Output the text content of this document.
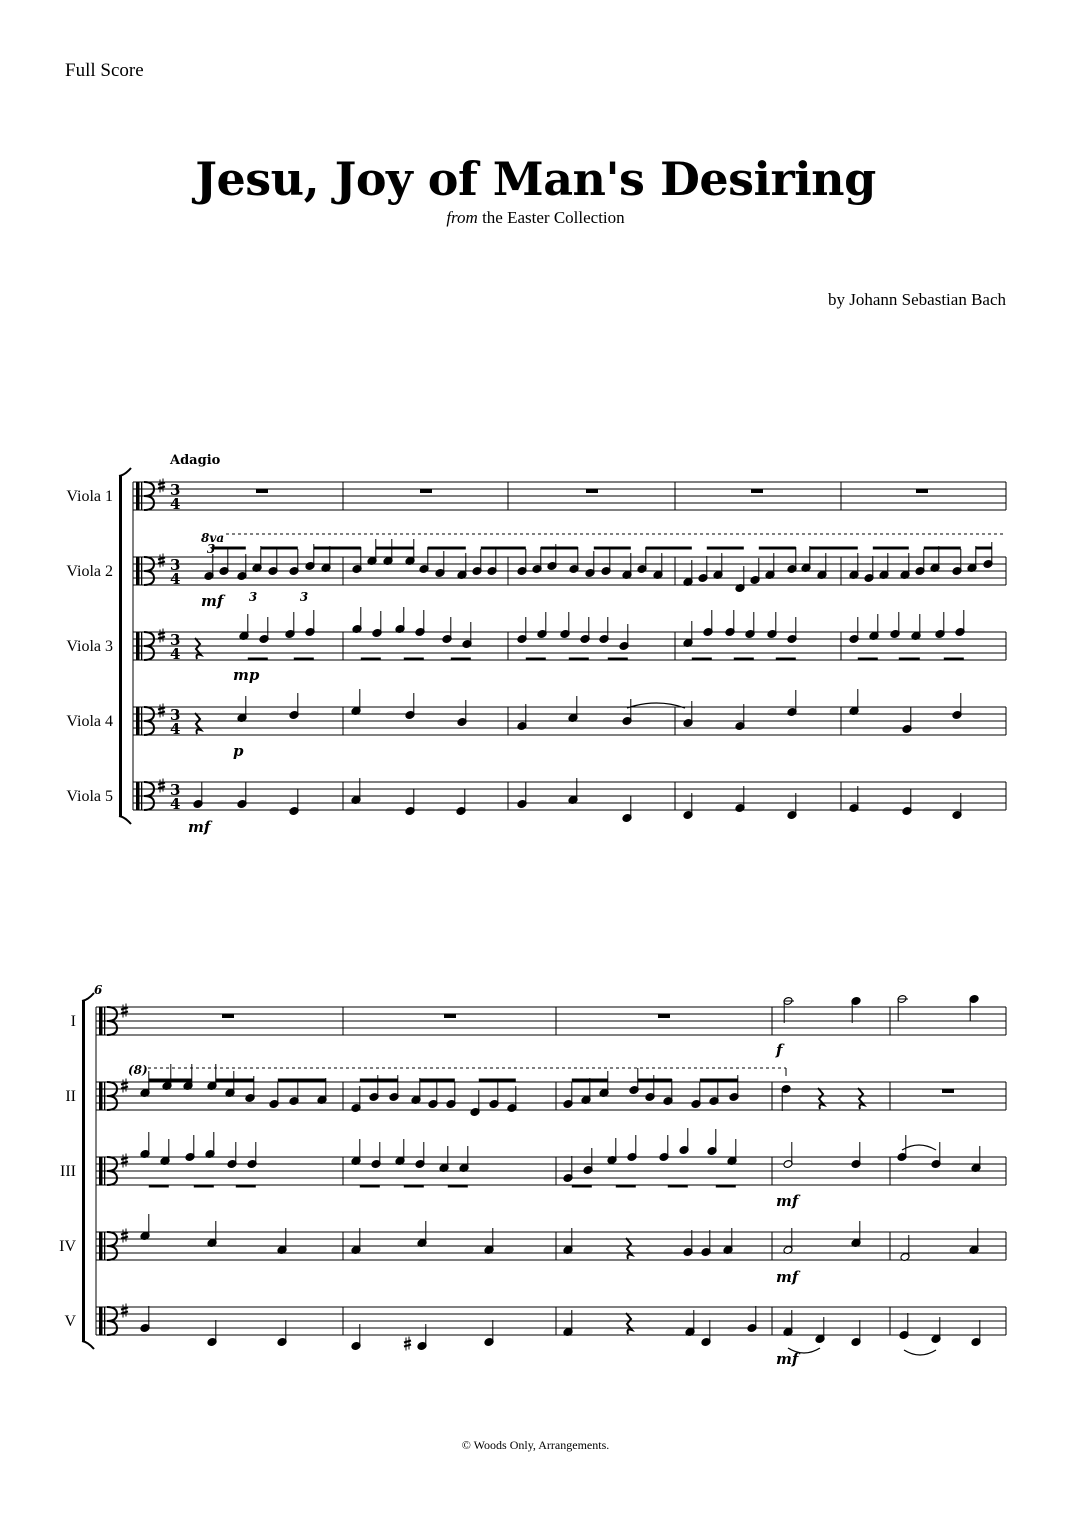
Full Score
Jesu, Joy of Man's Desiring
from the Easter Collection
by Johann Sebastian Bach
Viola 1	3
4
Viola 2	3
4
Viola 3	3
4
Viola 4	3
4
Viola 5	3
4
Adagio
8va
3
3	3
mf
mp
p
mf
I
II
III
IV
V
6
f
(8)
mf
mf
mf
© Woods Only, Arrangements.
